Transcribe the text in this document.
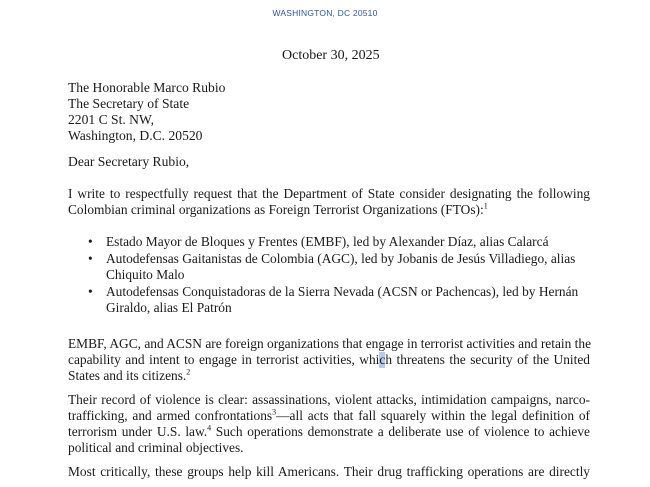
WASHINGTON, DC 20510
October 30, 2025
The Honorable Marco Rubio
The Secretary of State
2201 C St. NW,
Washington, D.C. 20520
Dear Secretary Rubio,
I write to respectfully request that the Department of State consider designating the following
Colombian criminal organizations as Foreign Terrorist Organizations (FTOs):$^1$
• Estado Mayor de Bloques y Frentes (EMBF), led by Alexander Díaz, alias Calarcá
• Autodefensas Gaitanistas de Colombia (AGC), led by Jobanis de Jesús Villadiego, alias
Chiquito Malo
• Autodefensas Conquistadoras de la Sierra Nevada (ACSN or Pachencas), led by Hernán
Giraldo, alias El Patrón
EMBF, AGC, and ACSN are foreign organizations that engage in terrorist activities and retain the
capability and intent to engage in terrorist activities, which threatens the security of the United
States and its citizens.$^2$
Their record of violence is clear: assassinations, violent attacks, intimidation campaigns, narco-
trafficking, and armed confrontations$^3$—all acts that fall squarely within the legal definition of
terrorism under U.S. law.$^4$ Such operations demonstrate a deliberate use of violence to achieve
political and criminal objectives.
Most critically, these groups help kill Americans. Their drug trafficking operations are directly
